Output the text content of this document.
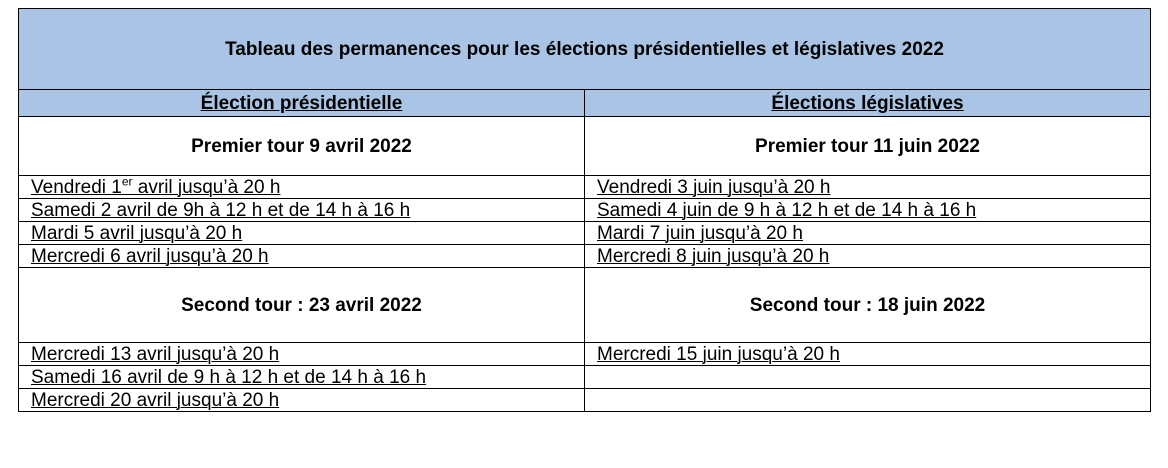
Tableau des permanences pour les élections présidentielles et législatives 2022	
Élection présidentielle	Élections législatives
Premier tour 9 avril 2022	Premier tour 11 juin 2022
Vendredi 1er avril jusqu’à 20 h	Vendredi 3 juin jusqu’à 20 h
Samedi 2 avril de 9h à 12 h et de 14 h à 16 h	Samedi 4 juin de 9 h à 12 h et de 14 h à 16 h
Mardi 5 avril jusqu’à 20 h	Mardi 7 juin jusqu’à 20 h
Mercredi 6 avril jusqu’à 20 h	Mercredi 8 juin jusqu’à 20 h
Second tour : 23 avril 2022	Second tour : 18 juin 2022
Mercredi 13 avril jusqu’à 20 h	Mercredi 15 juin jusqu’à 20 h
Samedi 16 avril de 9 h à 12 h et de 14 h à 16 h	
Mercredi 20 avril jusqu’à 20 h	
